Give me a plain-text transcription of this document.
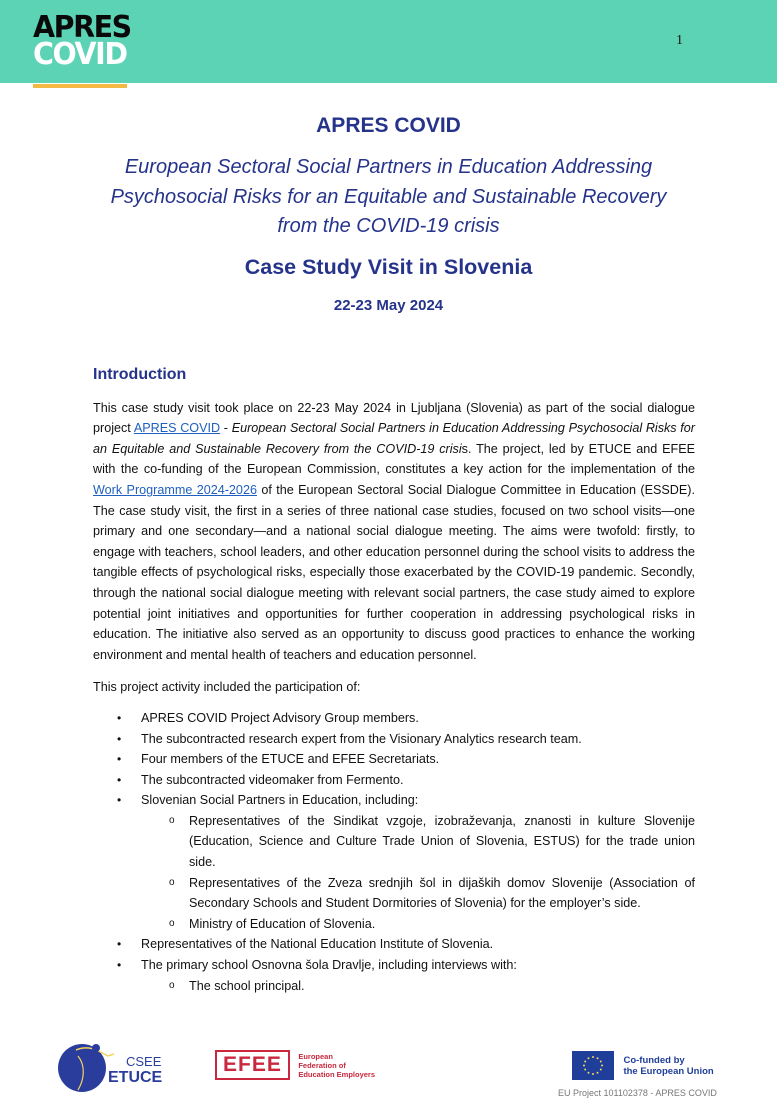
APRES
COVID	1
APRES COVID
European Sectoral Social Partners in Education Addressing
Psychosocial Risks for an Equitable and Sustainable Recovery
from the COVID-19 crisis
Case Study Visit in Slovenia
22-23 May 2024
Introduction

This case study visit took place on 22-23 May 2024 in Ljubljana (Slovenia) as part of the social dialogue project APRES COVID - European Sectoral Social Partners in Education Addressing Psychosocial Risks for an Equitable and Sustainable Recovery from the COVID-19 crisis. The project, led by ETUCE and EFEE with the co-funding of the European Commission, constitutes a key action for the implementation of the Work Programme 2024-2026 of the European Sectoral Social Dialogue Committee in Education (ESSDE). The case study visit, the first in a series of three national case studies, focused on two school visits—one primary and one secondary—and a national social dialogue meeting. The aims were twofold: firstly, to engage with teachers, school leaders, and other education personnel during the school visits to address the tangible effects of psychological risks, especially those exacerbated by the COVID-19 pandemic. Secondly, through the national social dialogue meeting with relevant social partners, the case study aimed to explore potential joint initiatives and opportunities for further cooperation in addressing psychological risks in education. The initiative also served as an opportunity to discuss good practices to enhance the working environment and mental health of teachers and education personnel.

This project activity included the participation of:

• APRES COVID Project Advisory Group members.
• The subcontracted research expert from the Visionary Analytics research team.
• Four members of the ETUCE and EFEE Secretariats.
• The subcontracted videomaker from Fermento.
• Slovenian Social Partners in Education, including:
o Representatives of the Sindikat vzgoje, izobraževanja, znanosti in kulture Slovenije (Education, Science and Culture Trade Union of Slovenia, ESTUS) for the trade union side.
o Representatives of the Zveza srednjih šol in dijaških domov Slovenije (Association of Secondary Schools and Student Dormitories of Slovenia) for the employer’s side.
o Ministry of Education of Slovenia.
• Representatives of the National Education Institute of Slovenia.
• The primary school Osnovna šola Dravlje, including interviews with:
o The school principal.
CSEE
ETUCE
EFEE European
Federation of
Education Employers
Co-funded by
the European Union
EU Project 101102378 - APRES COVID
